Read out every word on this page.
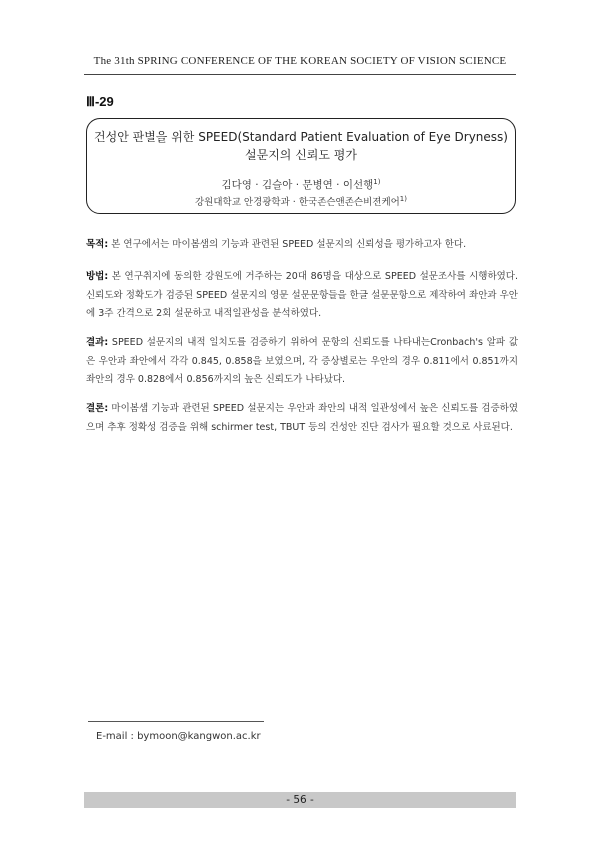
The 31th SPRING CONFERENCE OF THE KOREAN SOCIETY OF VISION SCIENCE
Ⅲ-29
건성안 판별을 위한 SPEED(Standard Patient Evaluation of Eye Dryness)
설문지의 신뢰도 평가
김다영 · 김슬아 · 문병연 · 이선행$^{1)}$
강원대학교 안경광학과 · 한국존슨앤존슨비젼케어$^{1)}$
목적: 본 연구에서는 마이봄샘의 기능과 관련된 SPEED 설문지의 신뢰성을 평가하고자 한다.
방법: 본 연구취지에 동의한 강원도에 거주하는 20대 86명을 대상으로 SPEED 설문조사를 시행하였다. 신뢰도와 정확도가 검증된 SPEED 설문지의 영문 설문문항들을 한글 설문문항으로 제작하여 좌안과 우안에 3주 간격으로 2회 설문하고 내적일관성을 분석하였다.
결과: SPEED 설문지의 내적 일치도를 검증하기 위하여 문항의 신뢰도를 나타내는Cronbach's 알파 값은 우안과 좌안에서 각각 0.845, 0.858을 보였으며, 각 증상별로는 우안의 경우 0.811에서 0.851까지 좌안의 경우 0.828에서 0.856까지의 높은 신뢰도가 나타났다.
결론: 마이봄샘 기능과 관련된 SPEED 설문지는 우안과 좌안의 내적 일관성에서 높은 신뢰도를 검증하였으며 추후 정확성 검증을 위해 schirmer test, TBUT 등의 건성안 진단 검사가 필요할 것으로 사료된다.
E-mail : bymoon@kangwon.ac.kr
- 56 -
